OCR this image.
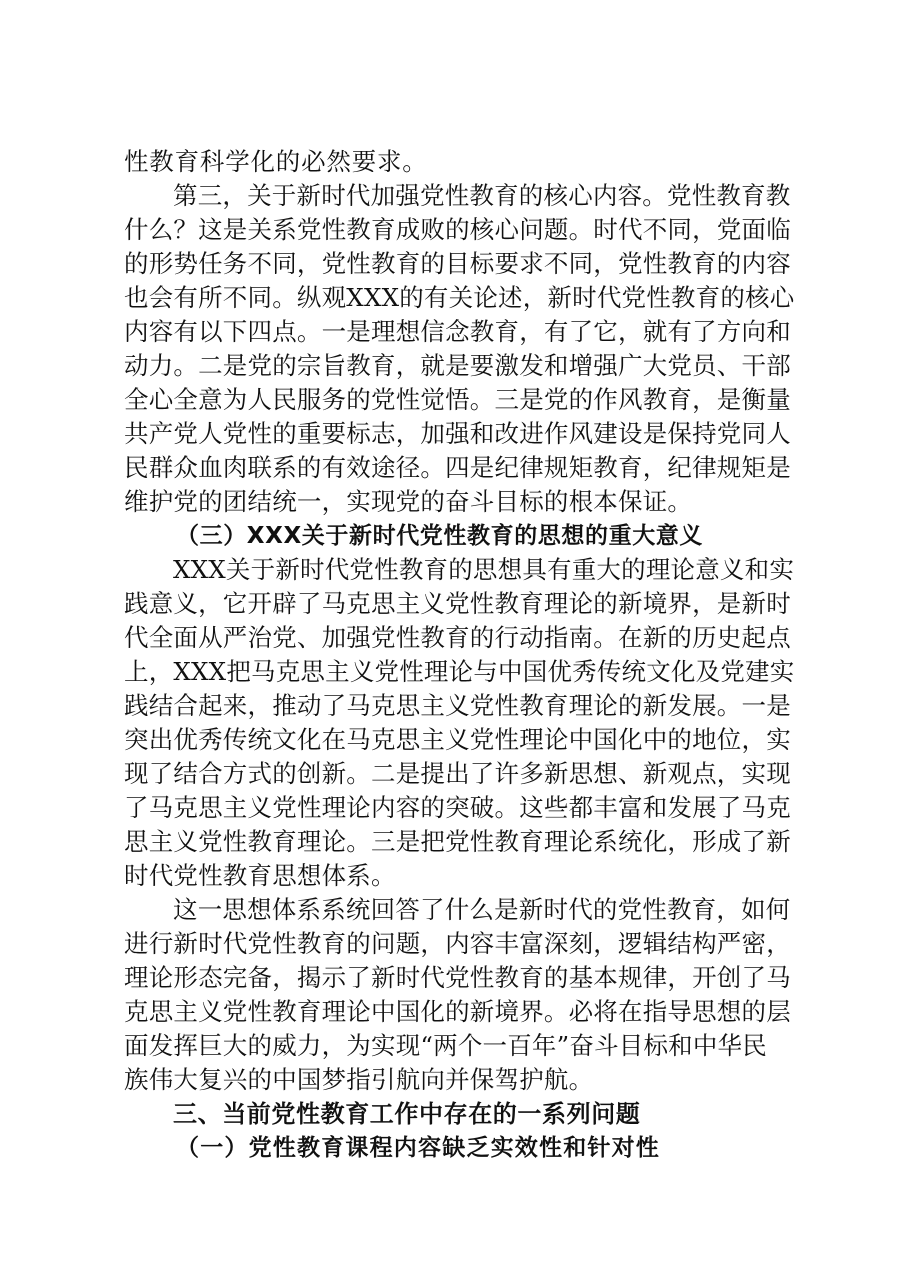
性教育科学化的必然要求。
第三，关于新时代加强党性教育的核心内容。党性教育教
什么？这是关系党性教育成败的核心问题。时代不同，党面临
的形势任务不同，党性教育的目标要求不同，党性教育的内容
也会有所不同。纵观XXX的有关论述，新时代党性教育的核心
内容有以下四点。一是理想信念教育，有了它，就有了方向和
动力。二是党的宗旨教育，就是要激发和增强广大党员、干部
全心全意为人民服务的党性觉悟。三是党的作风教育，是衡量
共产党人党性的重要标志，加强和改进作风建设是保持党同人
民群众血肉联系的有效途径。四是纪律规矩教育，纪律规矩是
维护党的团结统一，实现党的奋斗目标的根本保证。
（三）XXX关于新时代党性教育的思想的重大意义
XXX关于新时代党性教育的思想具有重大的理论意义和实
践意义，它开辟了马克思主义党性教育理论的新境界，是新时
代全面从严治党、加强党性教育的行动指南。在新的历史起点
上，XXX把马克思主义党性理论与中国优秀传统文化及党建实
践结合起来，推动了马克思主义党性教育理论的新发展。一是
突出优秀传统文化在马克思主义党性理论中国化中的地位，实
现了结合方式的创新。二是提出了许多新思想、新观点，实现
了马克思主义党性理论内容的突破。这些都丰富和发展了马克
思主义党性教育理论。三是把党性教育理论系统化，形成了新
时代党性教育思想体系。
这一思想体系系统回答了什么是新时代的党性教育，如何
进行新时代党性教育的问题，内容丰富深刻，逻辑结构严密，
理论形态完备，揭示了新时代党性教育的基本规律，开创了马
克思主义党性教育理论中国化的新境界。必将在指导思想的层
面发挥巨大的威力，为实现“两个一百年”奋斗目标和中华民
族伟大复兴的中国梦指引航向并保驾护航。
三、当前党性教育工作中存在的一系列问题
（一）党性教育课程内容缺乏实效性和针对性
